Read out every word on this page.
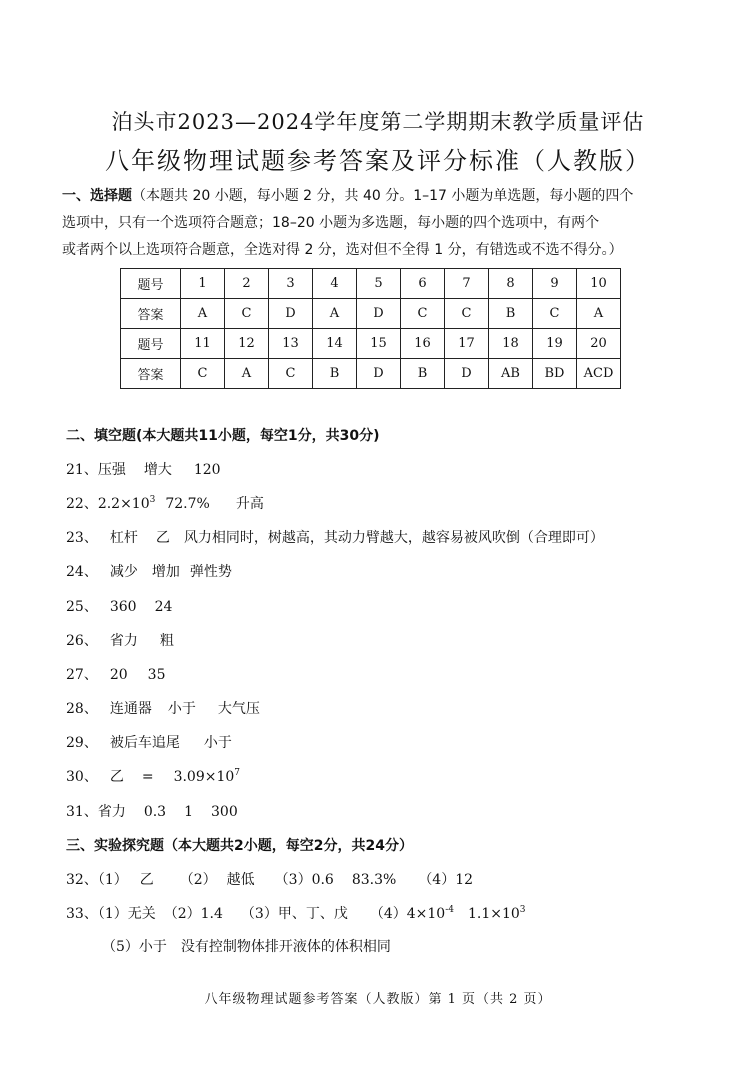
泊头市2023—2024学年度第二学期期末教学质量评估
八年级物理试题参考答案及评分标准（人教版）
一、选择题（本题共 20 小题，每小题 2 分，共 40 分。1–17 小题为单选题，每小题的四个
选项中，只有一个选项符合题意；18–20 小题为多选题，每小题的四个选项中，有两个
或者两个以上选项符合题意，全选对得 2 分，选对但不全得 1 分，有错选或不选不得分。）
题号	1	2	3	4	5	6	7	8	9	10
答案	A	C	D	A	D	C	C	B	C	A
题号	11	12	13	14	15	16	17	18	19	20
答案	C	A	C	B	D	B	D	AB	BD	ACD
二、填空题(本大题共11小题，每空1分，共30分)
21、压强 增大 120
22、2.2×103 72.7% 升高
23、 杠杆 乙 风力相同时，树越高，其动力臂越大，越容易被风吹倒（合理即可）
24、 减少 增加 弹性势
25、 360 24
26、 省力 粗
27、 20 35
28、 连通器 小于 大气压
29、 被后车追尾 小于
30、 乙 = 3.09×107
31、省力 0.3 1 300
三、实验探究题（本大题共2小题，每空2分，共24分）
32、（1） 乙 （2） 越低 （3）0.6 83.3% （4）12
33、（1）无关 （2）1.4 （3）甲、丁、戊 （4）4×10-4 1.1×103
（5）小于 没有控制物体排开液体的体积相同
八年级物理试题参考答案（人教版）第 1 页（共 2 页）
